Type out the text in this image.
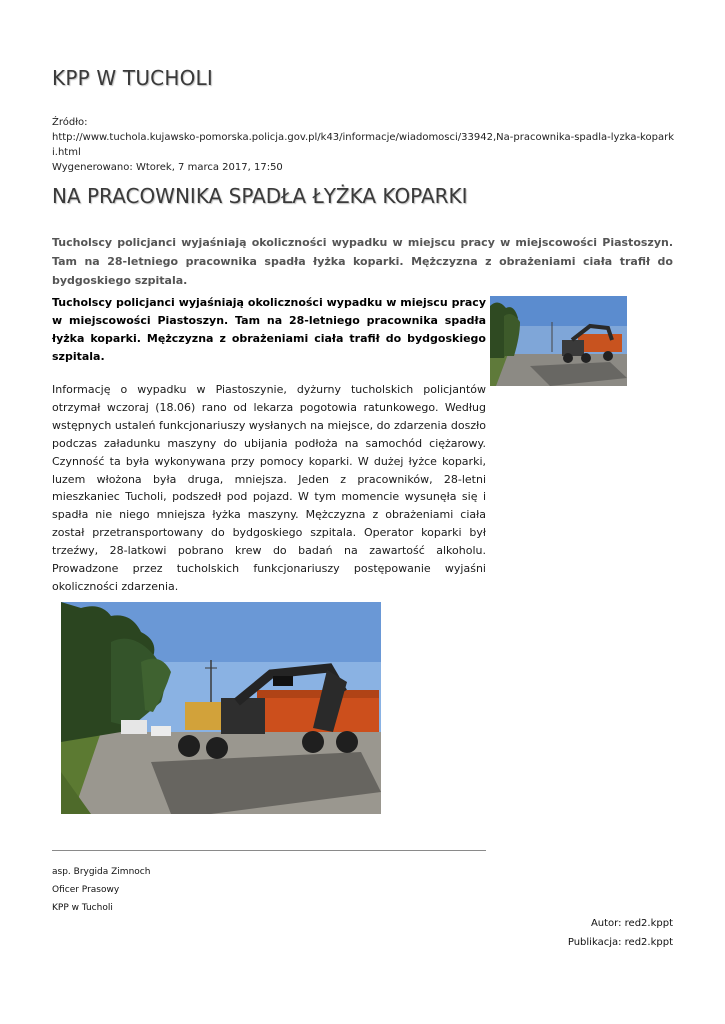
KPP W TUCHOLI
Źródło:
http://www.tuchola.kujawsko-pomorska.policja.gov.pl/k43/informacje/wiadomosci/33942,Na-pracownika-spadla-lyzka-koparki.html
Wygenerowano: Wtorek, 7 marca 2017, 17:50
NA PRACOWNIKA SPADŁA ŁYŻKA KOPARKI

Tucholscy policjanci wyjaśniają okoliczności wypadku w miejscu pracy w miejscowości Piastoszyn. Tam na 28-letniego pracownika spadła łyżka koparki. Mężczyzna z obrażeniami ciała trafił do bydgoskiego szpitala.

Tucholscy policjanci wyjaśniają okoliczności wypadku w miejscu pracy w miejscowości Piastoszyn. Tam na 28-letniego pracownika spadła łyżka koparki. Mężczyzna z obrażeniami ciała trafił do bydgoskiego szpitala.

Informację o wypadku w Piastoszynie, dyżurny tucholskich policjantów otrzymał wczoraj (18.06) rano od lekarza pogotowia ratunkowego. Według wstępnych ustaleń funkcjonariuszy wysłanych na miejsce, do zdarzenia doszło podczas załadunku maszyny do ubijania podłoża na samochód ciężarowy. Czynność ta była wykonywana przy pomocy koparki. W dużej łyżce koparki, luzem włożona była druga, mniejsza. Jeden z pracowników, 28-letni mieszkaniec Tucholi, podszedł pod pojazd. W tym momencie wysunęła się i spadła nie niego mniejsza łyżka maszyny. Mężczyzna z obrażeniami ciała został przetransportowany do bydgoskiego szpitala. Operator koparki był trzeźwy, 28-latkowi pobrano krew do badań na zawartość alkoholu. Prowadzone przez tucholskich funkcjonariuszy postępowanie wyjaśni okoliczności zdarzenia.

asp. Brygida Zimnoch
Oficer Prasowy
KPP w Tucholi
Autor: red2.kppt
Publikacja: red2.kppt
